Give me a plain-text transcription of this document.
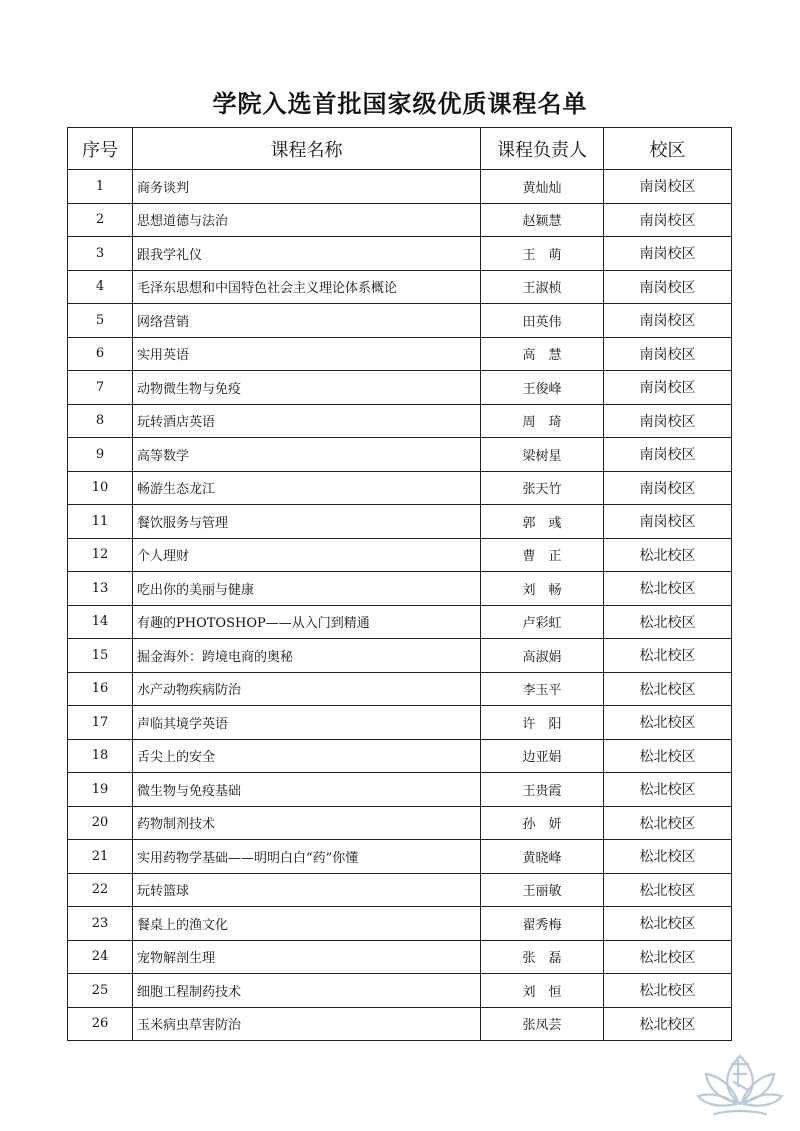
学院入选首批国家级优质课程名单
序号	课程名称	课程负责人	校区
1	商务谈判	黄灿灿	南岗校区
2	思想道德与法治	赵颖慧	南岗校区
3	跟我学礼仪	王　萌	南岗校区
4	毛泽东思想和中国特色社会主义理论体系概论	王淑桢	南岗校区
5	网络营销	田英伟	南岗校区
6	实用英语	高　慧	南岗校区
7	动物微生物与免疫	王俊峰	南岗校区
8	玩转酒店英语	周　琦	南岗校区
9	高等数学	梁树星	南岗校区
10	畅游生态龙江	张天竹	南岗校区
11	餐饮服务与管理	郭　彧	南岗校区
12	个人理财	曹　正	松北校区
13	吃出你的美丽与健康	刘　畅	松北校区
14	有趣的PHOTOSHOP——从入门到精通	卢彩虹	松北校区
15	掘金海外：跨境电商的奥秘	高淑娟	松北校区
16	水产动物疾病防治	李玉平	松北校区
17	声临其境学英语	许　阳	松北校区
18	舌尖上的安全	边亚娟	松北校区
19	微生物与免疫基础	王贵霞	松北校区
20	药物制剂技术	孙　妍	松北校区
21	实用药物学基础——明明白白“药”你懂	黄晓峰	松北校区
22	玩转篮球	王丽敏	松北校区
23	餐桌上的渔文化	翟秀梅	松北校区
24	宠物解剖生理	张　磊	松北校区
25	细胞工程制药技术	刘　恒	松北校区
26	玉米病虫草害防治	张凤芸	松北校区
